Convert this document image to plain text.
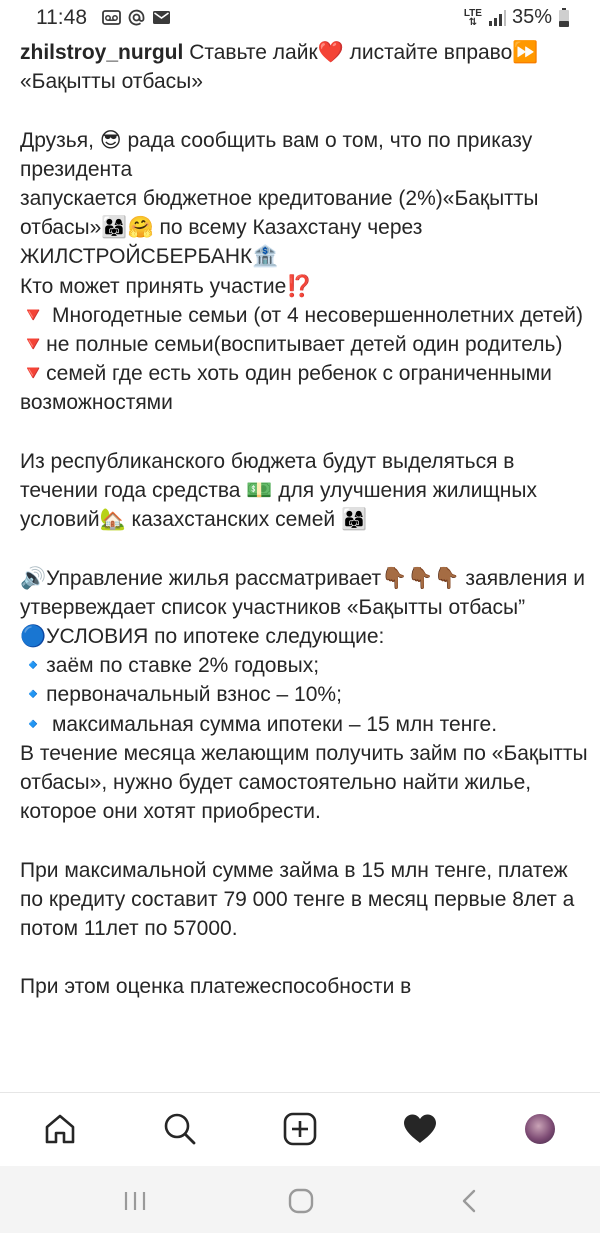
11:48	LTE
⇅ 35%

zhilstroy_nurgul Ставьте лайк❤️ листайте вправо⏩

«Бақытты отбасы»

Друзья, 😎 рада сообщить вам о том, что по приказу президента

запускается бюджетное кредитование (2%)«Бақытты отбасы»👨‍👩‍👧🤗 по всему Казахстану через ЖИЛСТРОЙСБЕРБАНК🏦

Кто может принять участие⁉️

🔻 Многодетные семьи (от 4 несовершеннолетних детей)

🔻не полные семьи(воспитывает детей один родитель)

🔻семей где есть хоть один ребенок с ограниченными возможностями

Из республиканского бюджета будут выделяться в течении года средства 💵 для улучшения жилищных условий🏡 казахстанских семей 👨‍👩‍👧

🔊Управление жилья рассматривает👇🏾👇🏾👇🏾 заявления и утвервеждает список участников «Бақытты отбасы”

🔵УСЛОВИЯ по ипотеке следующие:

🔹заём по ставке 2% годовых;

🔹первоначальный взнос – 10%;

🔹 максимальная сумма ипотеки – 15 млн тенге.

В течение месяца желающим получить займ по «Бақытты отбасы», нужно будет самостоятельно найти жилье, которое они хотят приобрести.

При максимальной сумме займа в 15 млн тенге, платеж по кредиту составит 79 000 тенге в месяц первые 8лет а потом 11лет по 57000.

При этом оценка платежеспособности в
